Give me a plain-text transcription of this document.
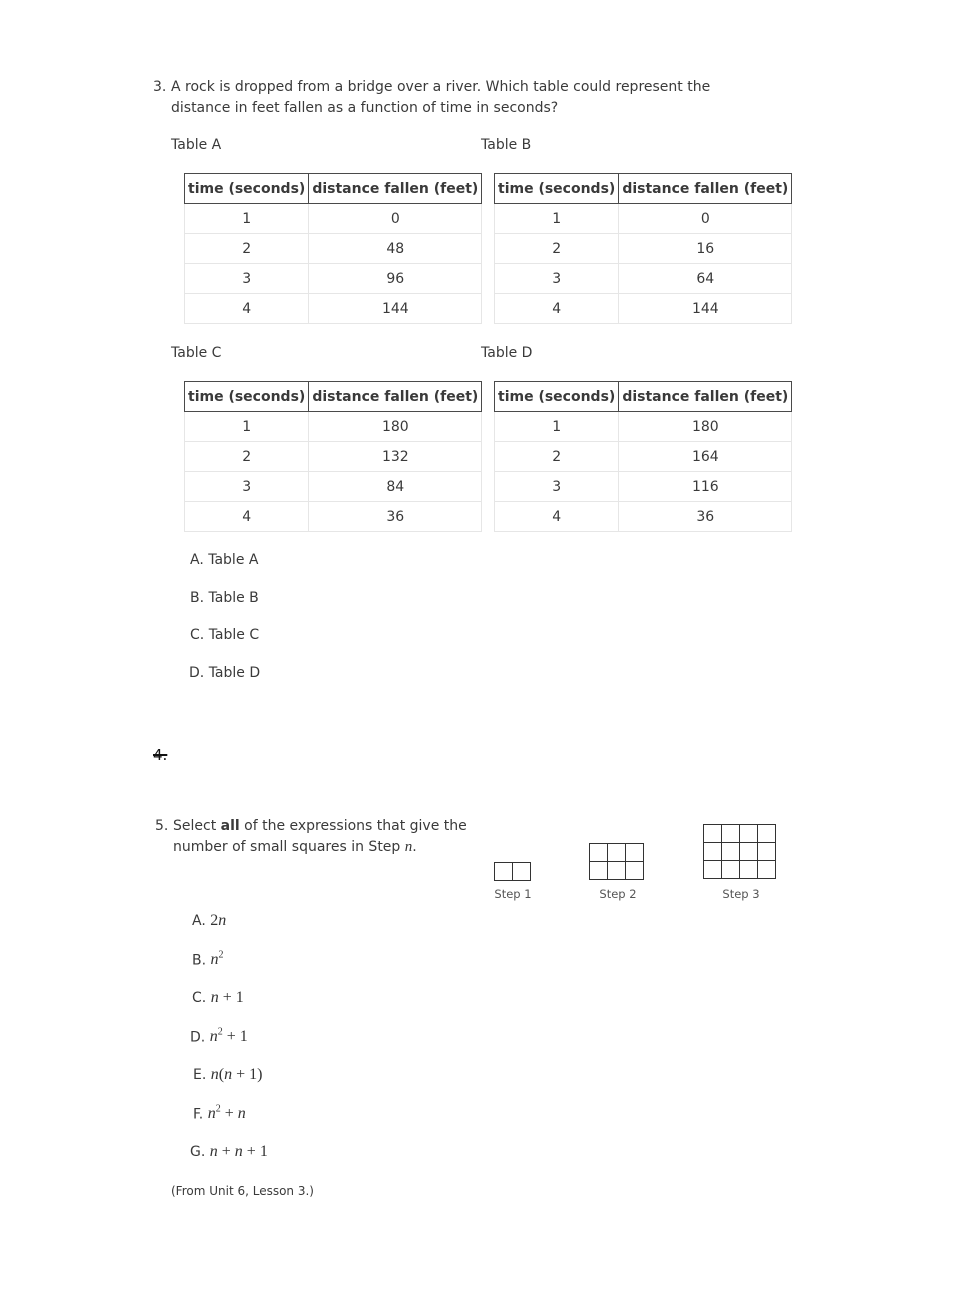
3. A rock is dropped from a bridge over a river. Which table could represent the
distance in feet fallen as a function of time in seconds?
Table A	Table B
Table C	Table D
time (seconds)	distance fallen (feet)
1	0
2	48
3	96
4	144
time (seconds)	distance fallen (feet)
1	0
2	16
3	64
4	144
time (seconds)	distance fallen (feet)
1	180
2	132
3	84
4	36
time (seconds)	distance fallen (feet)
1	180
2	164
3	116
4	36
A. Table A
B. Table B
C. Table C
D. Table D
4.
5. Select all of the expressions that give the
number of small squares in Step n.

Step 1	Step 2	Step 3
A. 2n
B. $n^2$
C. n + 1
D. $n^2 + 1$
E. n(n + 1)
F. $n^2 + n$
G. n + n + 1
(From Unit 6, Lesson 3.)
